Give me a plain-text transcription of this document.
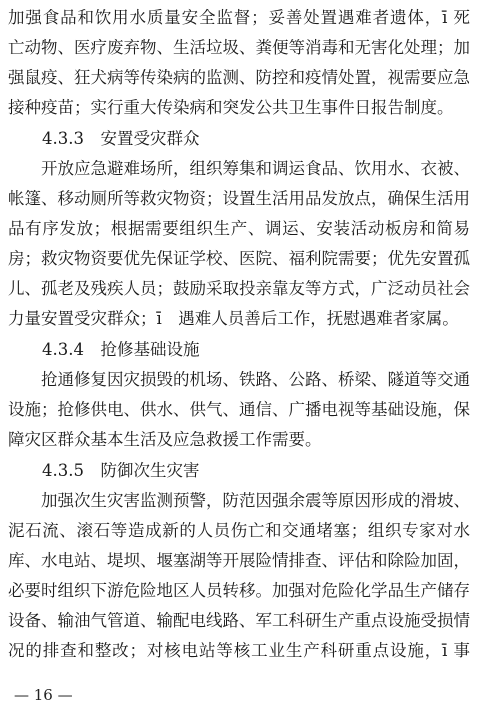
加强食品和饮用水质量安全监督；妥善处置遇难者遗体，ī 死
亡动物、医疗废弃物、生活垃圾、粪便等消毒和无害化处理；加
强鼠疫、狂犬病等传染病的监测、防控和疫情处置，视需要应急
接种疫苗；实行重大传染病和突发公共卫生事件日报告制度。
4.3.3　安置受灾群众
　　开放应急避难场所，组织筹集和调运食品、饮用水、衣被、
帐篷、移动厕所等救灾物资；设置生活用品发放点，确保生活用
品有序发放；根据需要组织生产、调运、安装活动板房和简易
房；救灾物资要优先保证学校、医院、福利院需要；优先安置孤
儿、孤老及残疾人员；鼓励采取投亲靠友等方式，广泛动员社会
力量安置受灾群众；ī　遇难人员善后工作，抚慰遇难者家属。
4.3.4　抢修基础设施
　　抢通修复因灾损毁的机场、铁路、公路、桥梁、隧道等交通
设施；抢修供电、供水、供气、通信、广播电视等基础设施，保
障灾区群众基本生活及应急救援工作需要。
4.3.5　防御次生灾害
　　加强次生灾害监测预警，防范因强余震等原因形成的滑坡、
泥石流、滚石等造成新的人员伤亡和交通堵塞；组织专家对水
库、水电站、堤坝、堰塞湖等开展险情排查、评估和除险加固，
必要时组织下游危险地区人员转移。加强对危险化学品生产储存
设备、输油气管道、输配电线路、军工科研生产重点设施受损情
况的排查和整改；对核电站等核工业生产科研重点设施，ī 事
— 16 —
